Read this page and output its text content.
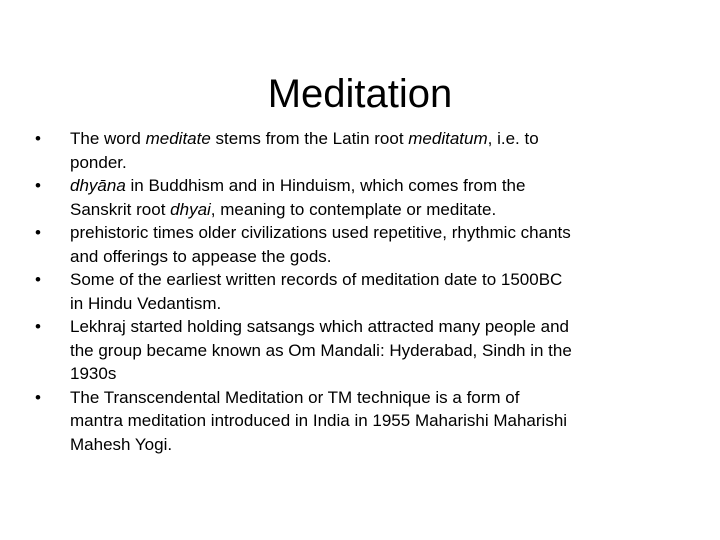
Meditation
•	The word meditate stems from the Latin root meditatum, i.e. to
ponder.
•	dhyāna in Buddhism and in Hinduism, which comes from the
Sanskrit root dhyai, meaning to contemplate or meditate.
•	prehistoric times older civilizations used repetitive, rhythmic chants
and offerings to appease the gods.
•	Some of the earliest written records of meditation date to 1500BC
in Hindu Vedantism.
•	Lekhraj started holding satsangs which attracted many people and
the group became known as Om Mandali: Hyderabad, Sindh in the
1930s
•	The Transcendental Meditation or TM technique is a form of
mantra meditation introduced in India in 1955 Maharishi Maharishi
Mahesh Yogi.
